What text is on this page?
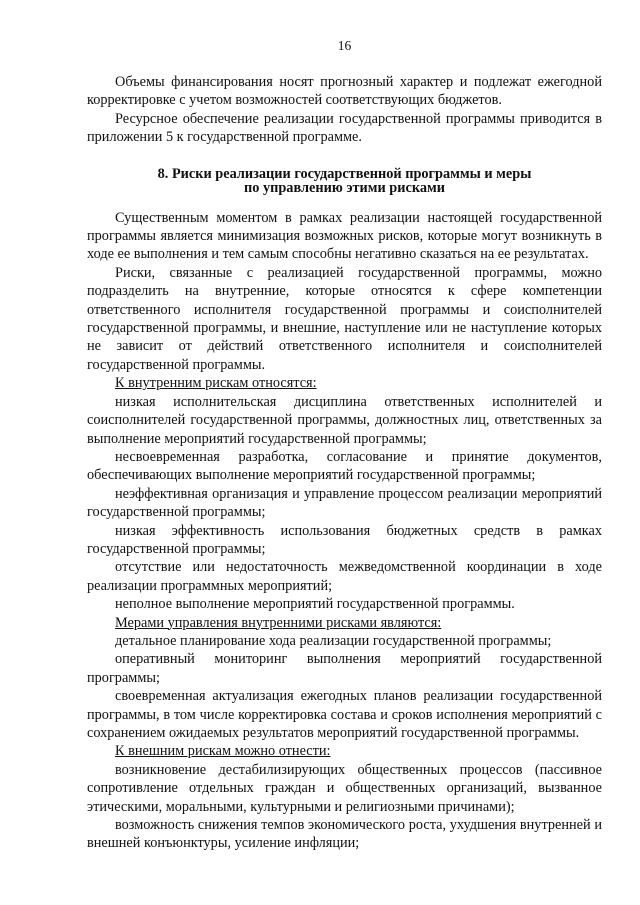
16

Объемы финансирования носят прогнозный характер и подлежат ежегодной корректировке с учетом возможностей соответствующих бюджетов.

Ресурсное обеспечение реализации государственной программы приводится в приложении 5 к государственной программе.

8. Риски реализации государственной программы и меры
по управлению этими рисками

Существенным моментом в рамках реализации настоящей государственной программы является минимизация возможных рисков, которые могут возникнуть в ходе ее выполнения и тем самым способны негативно сказаться на ее результатах.

Риски, связанные с реализацией государственной программы, можно подразделить на внутренние, которые относятся к сфере компетенции ответственного исполнителя государственной программы и соисполнителей государственной программы, и внешние, наступление или не наступление которых не зависит от действий ответственного исполнителя и соисполнителей государственной программы.

К внутренним рискам относятся:

низкая исполнительская дисциплина ответственных исполнителей и соисполнителей государственной программы, должностных лиц, ответственных за выполнение мероприятий государственной программы;

несвоевременная разработка, согласование и принятие документов, обеспечивающих выполнение мероприятий государственной программы;

неэффективная организация и управление процессом реализации мероприятий государственной программы;

низкая эффективность использования бюджетных средств в рамках государственной программы;

отсутствие или недостаточность межведомственной координации в ходе реализации программных мероприятий;

неполное выполнение мероприятий государственной программы.

Мерами управления внутренними рисками являются:

детальное планирование хода реализации государственной программы;

оперативный мониторинг выполнения мероприятий государственной программы;

своевременная актуализация ежегодных планов реализации государственной программы, в том числе корректировка состава и сроков исполнения мероприятий с сохранением ожидаемых результатов мероприятий государственной программы.

К внешним рискам можно отнести:

возникновение дестабилизирующих общественных процессов (пассивное сопротивление отдельных граждан и общественных организаций, вызванное этическими, моральными, культурными и религиозными причинами);

возможность снижения темпов экономического роста, ухудшения внутренней и внешней конъюнктуры, усиление инфляции;
